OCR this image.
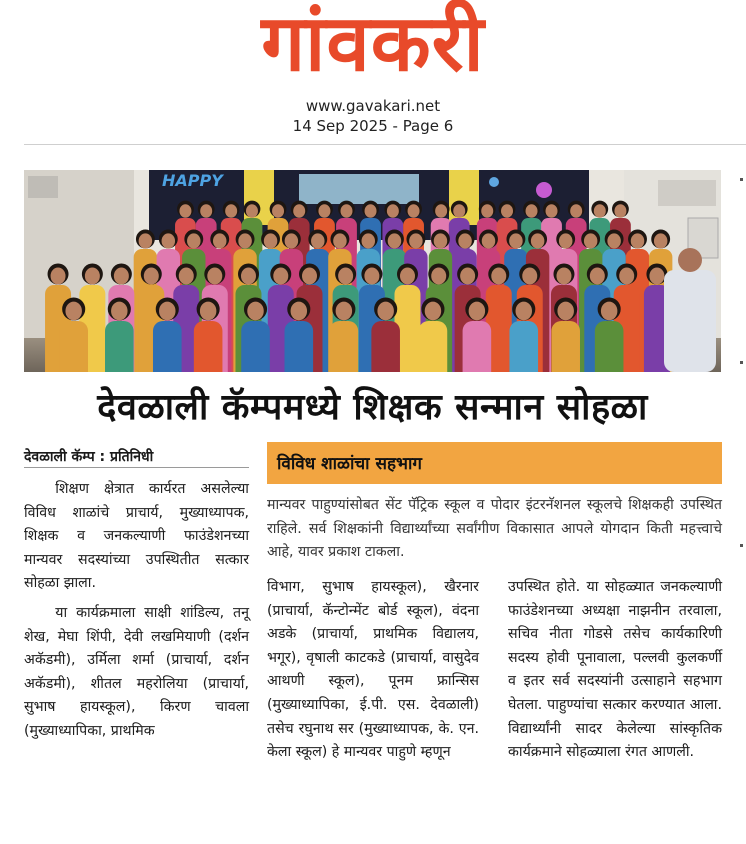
गांवकरी
www.gavakari.net
14 Sep 2025 - Page 6
HAPPY
देवळाली कॅम्पमध्ये शिक्षक सन्मान सोहळा
देवळाली कॅम्प : प्रतिनिधी	विविध शाळांचा सहभाग

शिक्षण क्षेत्रात कार्यरत असलेल्या विविध शाळांचे प्राचार्य, मुख्याध्यापक, शिक्षक व जनकल्याणी फाउंडेशनच्या मान्यवर सदस्यांच्या उपस्थितीत सत्कार सोहळा झाला.

या कार्यक्रमाला साक्षी शांडिल्य, तनू शेख, मेघा शिंपी, देवी लखमियाणी (दर्शन अकॅडमी), उर्मिला शर्मा (प्राचार्या, दर्शन अकॅडमी), शीतल महरोलिया (प्राचार्या, सुभाष हायस्कूल), किरण चावला (मुख्याध्यापिका, प्राथमिक

मान्यवर पाहुण्यांसोबत सेंट पॅट्रिक स्कूल व पोदार इंटरनॅशनल स्कूलचे शिक्षकही उपस्थित राहिले. सर्व शिक्षकांनी विद्यार्थ्यांच्या सर्वांगीण विकासात आपले योगदान किती महत्त्वाचे आहे, यावर प्रकाश टाकला.

विभाग, सुभाष हायस्कूल), खैरनार (प्राचार्या, कॅन्टोन्मेंट बोर्ड स्कूल), वंदना अडके (प्राचार्या, प्राथमिक विद्यालय, भगूर), वृषाली काटकडे (प्राचार्या, वासुदेव आथणी स्कूल), पूनम फ्रान्सिस (मुख्याध्यापिका, ई.पी. एस. देवळाली) तसेच रघुनाथ सर (मुख्याध्यापक, के. एन. केला स्कूल) हे मान्यवर पाहुणे म्हणून

उपस्थित होते. या सोहळ्यात जनकल्याणी फाउंडेशनच्या अध्यक्षा नाझनीन तरवाला, सचिव नीता गोडसे तसेच कार्यकारिणी सदस्य होवी पूनावाला, पल्लवी कुलकर्णी व इतर सर्व सदस्यांनी उत्साहाने सहभाग घेतला. पाहुण्यांचा सत्कार करण्यात आला. विद्यार्थ्यांनी सादर केलेल्या सांस्कृतिक कार्यक्रमाने सोहळ्याला रंगत आणली.
